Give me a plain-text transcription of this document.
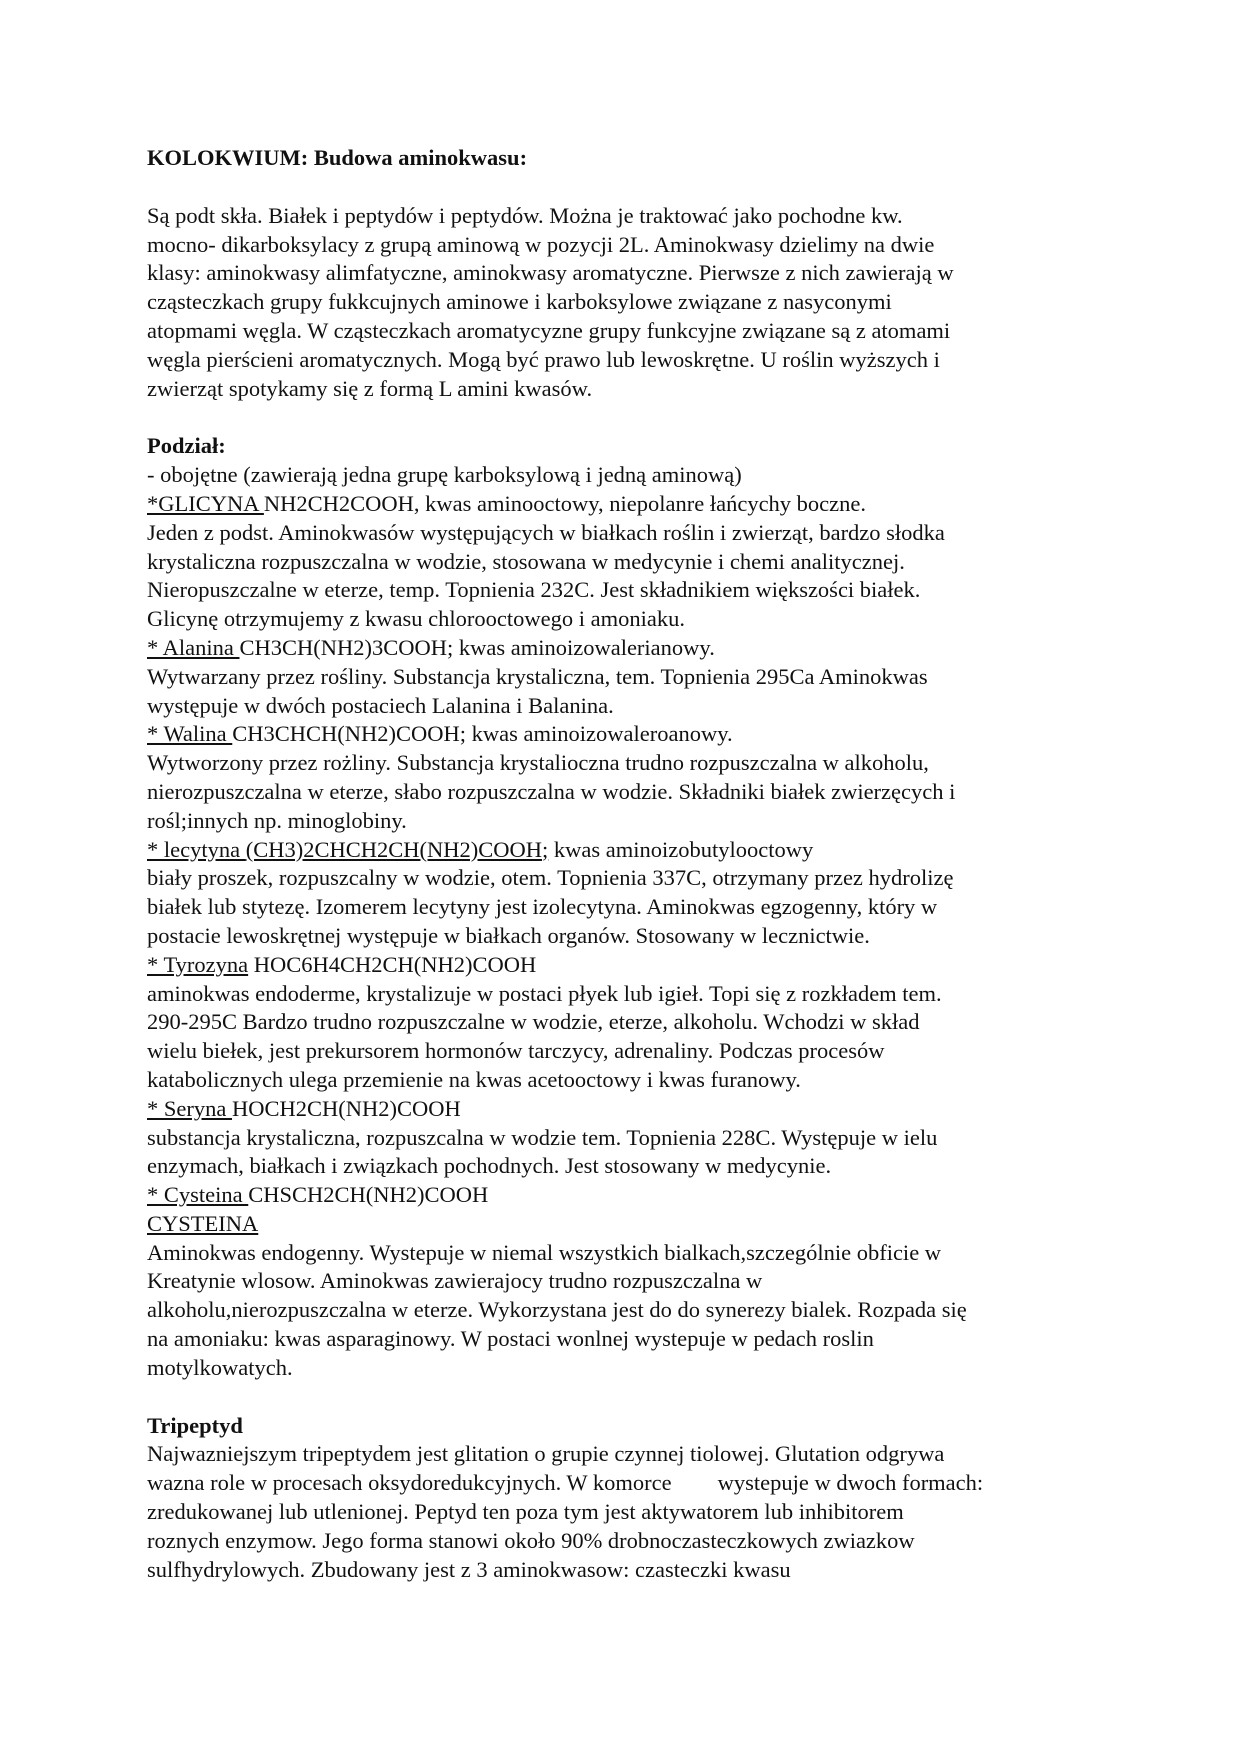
KOLOKWIUM: Budowa aminokwasu:

Są podt skła. Białek i peptydów i peptydów. Można je traktować jako pochodne kw.

mocno- dikarboksylacy z grupą aminową w pozycji 2L. Aminokwasy dzielimy na dwie

klasy: aminokwasy alimfatyczne, aminokwasy aromatyczne. Pierwsze z nich zawierają w

cząsteczkach grupy fukkcujnych aminowe i karboksylowe związane z nasyconymi

atopmami węgla. W cząsteczkach aromatycyzne grupy funkcyjne związane są z atomami

węgla pierścieni aromatycznych. Mogą być prawo lub lewoskrętne. U roślin wyższych i

zwierząt spotykamy się z formą L amini kwasów.

Podział:

- obojętne (zawierają jedna grupę karboksylową i jedną aminową)

*GLICYNA NH2CH2COOH, kwas aminooctowy, niepolanre łańcychy boczne.

Jeden z podst. Aminokwasów występujących w białkach roślin i zwierząt, bardzo słodka

krystaliczna rozpuszczalna w wodzie, stosowana w medycynie i chemi analitycznej.

Nieropuszczalne w eterze, temp. Topnienia 232C. Jest składnikiem większości białek.

Glicynę otrzymujemy z kwasu chlorooctowego i amoniaku.

* Alanina CH3CH(NH2)3COOH; kwas aminoizowalerianowy.

Wytwarzany przez rośliny. Substancja krystaliczna, tem. Topnienia 295Ca Aminokwas

występuje w dwóch postaciech Lalanina i Balanina.

* Walina CH3CHCH(NH2)COOH; kwas aminoizowaleroanowy.

Wytworzony przez rożliny. Substancja krystalioczna trudno rozpuszczalna w alkoholu,

nierozpuszczalna w eterze, słabo rozpuszczalna w wodzie. Składniki białek zwierzęcych i

rośl;innych np. minoglobiny.

* lecytyna (CH3)2CHCH2CH(NH2)COOH; kwas aminoizobutylooctowy

biały proszek, rozpuszcalny w wodzie, otem. Topnienia 337C, otrzymany przez hydrolizę

białek lub stytezę. Izomerem lecytyny jest izolecytyna. Aminokwas egzogenny, który w

postacie lewoskrętnej występuje w białkach organów. Stosowany w lecznictwie.

* Tyrozyna HOC6H4CH2CH(NH2)COOH

aminokwas endoderme, krystalizuje w postaci płyek lub igieł. Topi się z rozkładem tem.

290-295C Bardzo trudno rozpuszczalne w wodzie, eterze, alkoholu. Wchodzi w skład

wielu biełek, jest prekursorem hormonów tarczycy, adrenaliny. Podczas procesów

katabolicznych ulega przemienie na kwas acetooctowy i kwas furanowy.

* Seryna HOCH2CH(NH2)COOH

substancja krystaliczna, rozpuszcalna w wodzie tem. Topnienia 228C. Występuje w ielu

enzymach, białkach i związkach pochodnych. Jest stosowany w medycynie.

* Cysteina CHSCH2CH(NH2)COOH

CYSTEINA

Aminokwas endogenny. Wystepuje w niemal wszystkich bialkach,szczególnie obficie w

Kreatynie wlosow. Aminokwas zawierajocy trudno rozpuszczalna w

alkoholu,nierozpuszczalna w eterze. Wykorzystana jest do do synerezy bialek. Rozpada się

na amoniaku: kwas asparaginowy. W postaci wonlnej wystepuje w pedach roslin

motylkowatych.

Tripeptyd

Najwazniejszym tripeptydem jest glitation o grupie czynnej tiolowej. Glutation odgrywa

wazna role w procesach oksydoredukcyjnych. W komorce wystepuje w dwoch formach:

zredukowanej lub utlenionej. Peptyd ten poza tym jest aktywatorem lub inhibitorem

roznych enzymow. Jego forma stanowi około 90% drobnoczasteczkowych zwiazkow

sulfhydrylowych. Zbudowany jest z 3 aminokwasow: czasteczki kwasu
